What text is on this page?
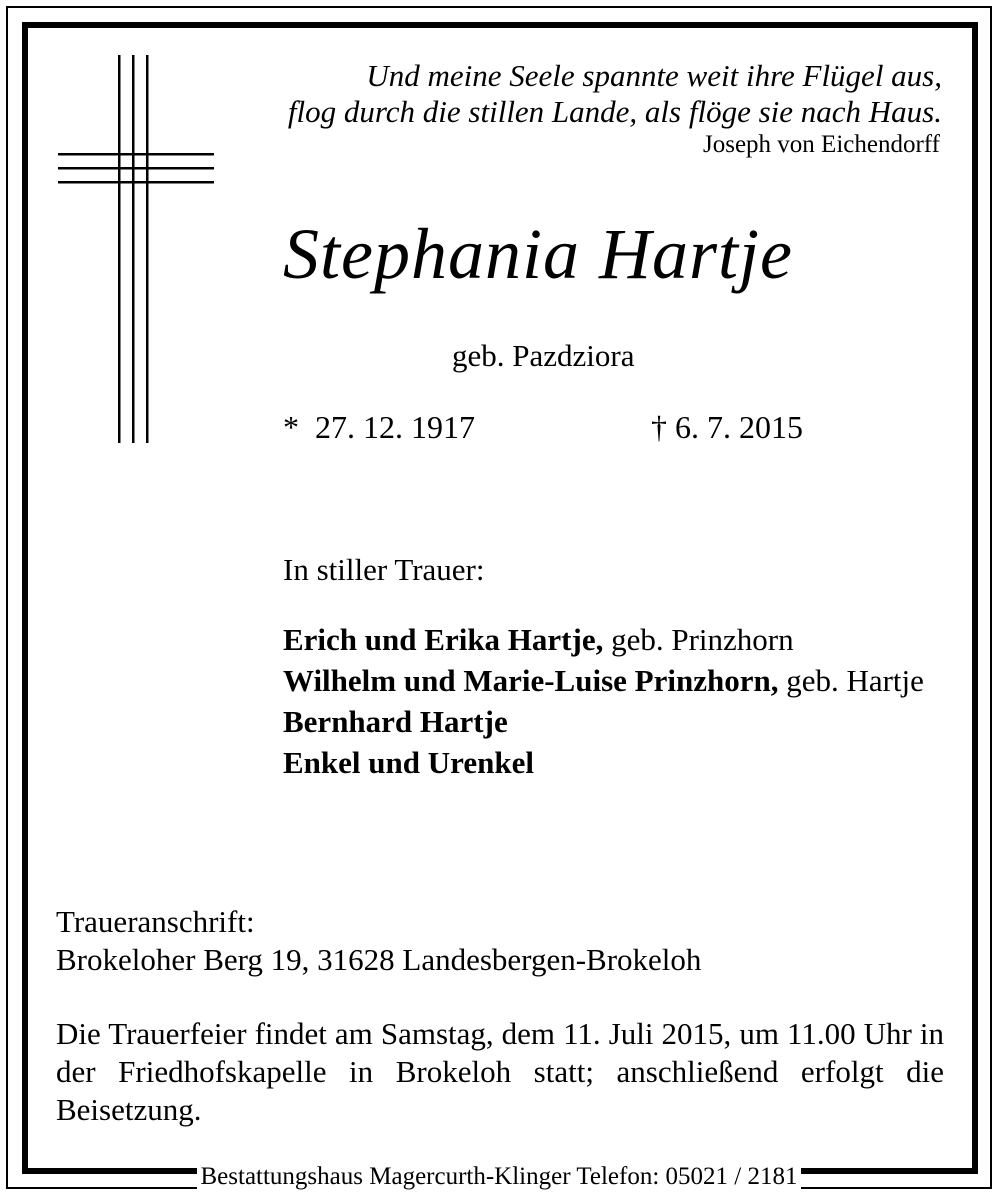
Und meine Seele spannte weit ihre Flügel aus,
flog durch die stillen Lande, als flöge sie nach Haus.
Joseph von Eichendorff
Stephania Hartje
geb. Pazdziora
* 27. 12. 1917	† 6. 7. 2015
In stiller Trauer:
Erich und Erika Hartje, geb. Prinzhorn
Wilhelm und Marie-Luise Prinzhorn, geb. Hartje
Bernhard Hartje
Enkel und Urenkel
Traueranschrift:
Brokeloher Berg 19, 31628 Landesbergen-Brokeloh

Die Trauerfeier findet am Samstag, dem 11. Juli 2015, um 11.00 Uhr in der Friedhofskapelle in Brokeloh statt; anschließend erfolgt die Beisetzung.

Bestattungshaus Magercurth-Klinger Telefon: 05021 / 2181
